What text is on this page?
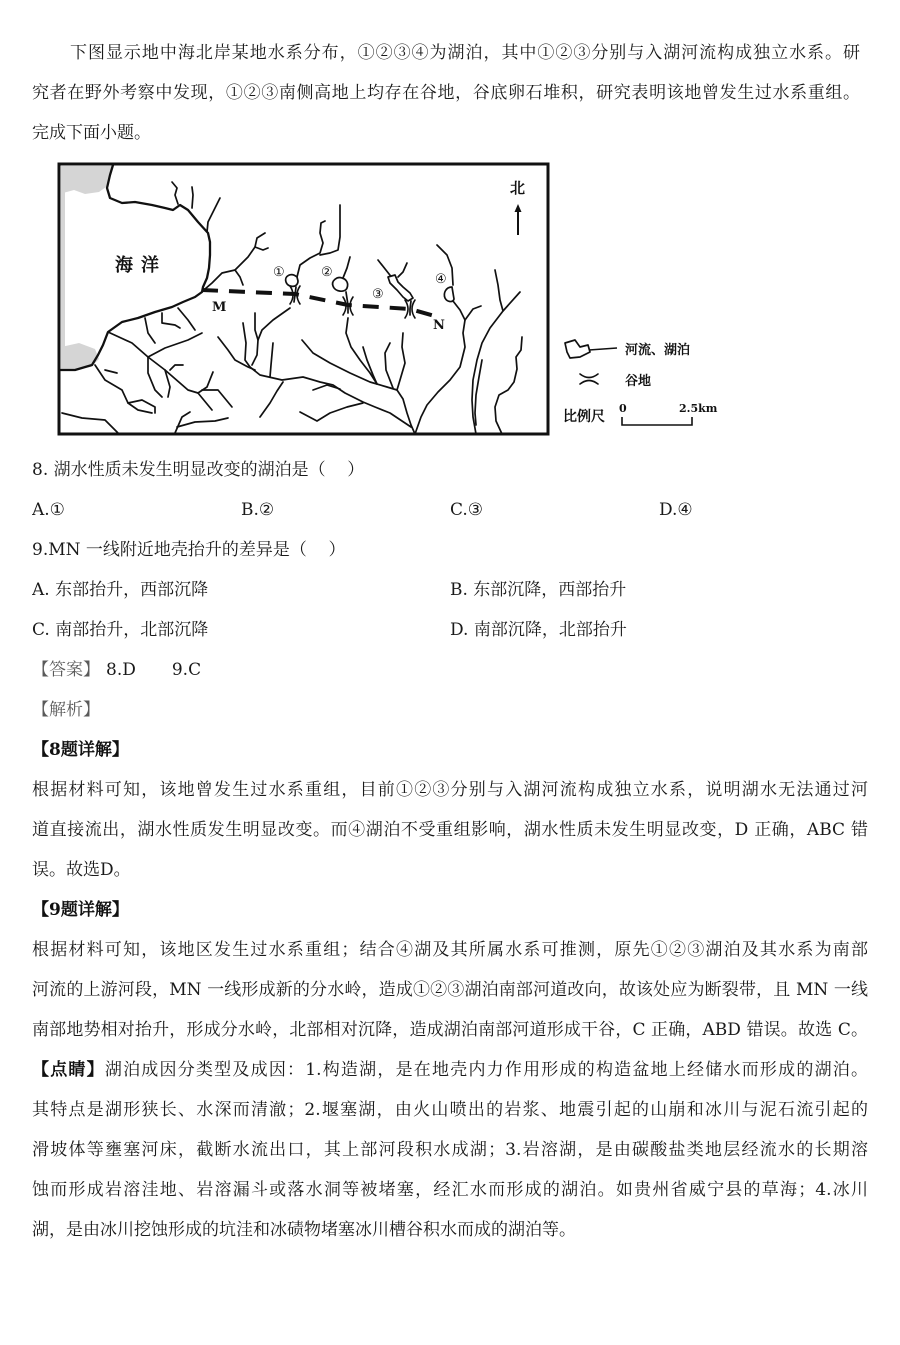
下图显示地中海北岸某地水系分布，①②③④为湖泊，其中①②③分别与入湖河流构成独立水系。研
究者在野外考察中发现，①②③南侧高地上均存在谷地，谷底卵石堆积，研究表明该地曾发生过水系重组。
完成下面小题。
海洋
M
N
①	②
③
④
北
河流、湖泊
谷地
比例尺
0	2.5km
8. 湖水性质未发生明显改变的湖泊是（    ）
A.①	B.②	C.③	D.④
9.MN 一线附近地壳抬升的差异是（    ）
A. 东部抬升，西部沉降	B. 东部沉降，西部抬升
C. 南部抬升，北部沉降	D. 南部沉降，北部抬升
【答案】 8.D 9.C
【解析】
【8题详解】
根据材料可知，该地曾发生过水系重组，目前①②③分别与入湖河流构成独立水系，说明湖水无法通过河
道直接流出，湖水性质发生明显改变。而④湖泊不受重组影响，湖水性质未发生明显改变，D 正确，ABC 错
误。故选D。
【9题详解】
根据材料可知，该地区发生过水系重组；结合④湖及其所属水系可推测，原先①②③湖泊及其水系为南部
河流的上游河段，MN 一线形成新的分水岭，造成①②③湖泊南部河道改向，故该处应为断裂带，且 MN 一线
南部地势相对抬升，形成分水岭，北部相对沉降，造成湖泊南部河道形成干谷，C 正确，ABD 错误。故选 C。
【点睛】湖泊成因分类型及成因：1.构造湖，是在地壳内力作用形成的构造盆地上经储水而形成的湖泊。
其特点是湖形狭长、水深而清澈；2.堰塞湖，由火山喷出的岩浆、地震引起的山崩和冰川与泥石流引起的
滑坡体等壅塞河床，截断水流出口，其上部河段积水成湖；3.岩溶湖，是由碳酸盐类地层经流水的长期溶
蚀而形成岩溶洼地、岩溶漏斗或落水洞等被堵塞，经汇水而形成的湖泊。如贵州省威宁县的草海；4.冰川
湖，是由冰川挖蚀形成的坑洼和冰碛物堵塞冰川槽谷积水而成的湖泊等。
